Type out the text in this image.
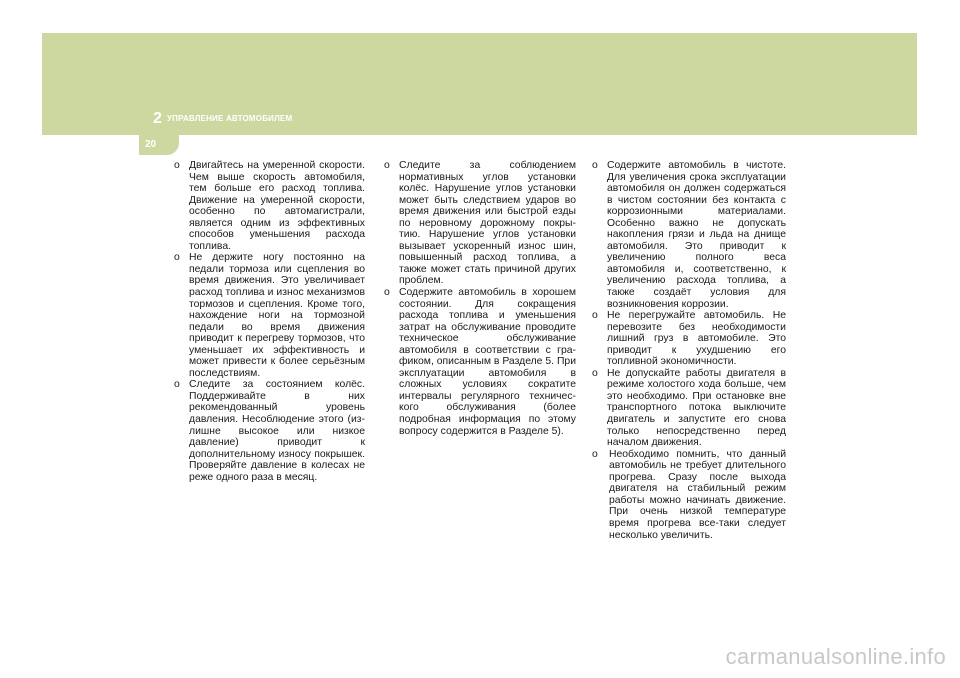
2 УПРАВЛЕНИЕ АВТОМОБИЛЕМ
20

o Двигайтесь на умеренной скорости. Чем выше скорость автомобиля, тем больше его расход топлива. Движение на умеренной скорости, особенно по автомагистрали, является одним из эффективных способов уменьшения расхода топлива.

o Не держите ногу постоянно на педали тормоза или сцепления во время движения. Это увеличивает расход топлива и износ механизмов тормозов и сцепления. Кроме того, нахождение ноги на тормозной педали во время движения приводит к перегреву тормозов, что уменьшает их эффективность и может привести к более серьёзным последствиям.

o Следите за состоянием колёс. Поддерживайте в них рекомендованный уровень давления. Несоблюдение этого (излишне высокое или низкое давление) приводит к дополнительному износу покрышек. Проверяйте давление в колесах не реже одного раза в месяц.

o Следите за соблюдением нормативных углов установки колёс. Нарушение углов установки может быть следствием ударов во время движения или быстрой езды по неровному дорожному покрытию. Нарушение углов установки вызывает ускоренный износ шин, повышенный расход топлива, а также может стать причиной других проблем.

o Содержите автомобиль в хорошем состоянии. Для сокращения расхода топлива и уменьшения затрат на обслуживание проводите техническое обслуживание автомобиля в соответствии с графиком, описанным в Разделе 5. При эксплуатации автомобиля в сложных условиях сократите интервалы регулярного технического обслуживания (более подробная информация по этому вопросу содержится в Разделе 5).

o Содержите автомобиль в чистоте. Для увеличения срока эксплуатации автомобиля он должен содержаться в чистом состоянии без контакта с коррозионными материалами. Особенно важно не допускать накопления грязи и льда на днище автомобиля. Это приводит к увеличению полного веса автомобиля и, соответственно, к увеличению расхода топлива, а также создаёт условия для возникновения коррозии.

o Не перегружайте автомобиль. Не перевозите без необходимости лишний груз в автомобиле. Это приводит к ухудшению его топливной экономичности.

o Не допускайте работы двигателя в режиме холостого хода больше, чем это необходимо. При остановке вне транспортного потока выключите двигатель и запустите его снова только непосредственно перед началом движения.

o Необходимо помнить, что данный автомобиль не требует длительного прогрева. Сразу после выхода двигателя на стабильный режим работы можно начинать движение. При очень низкой температуре время прогрева все-таки следует несколько увеличить.

carmanualsonline.info
